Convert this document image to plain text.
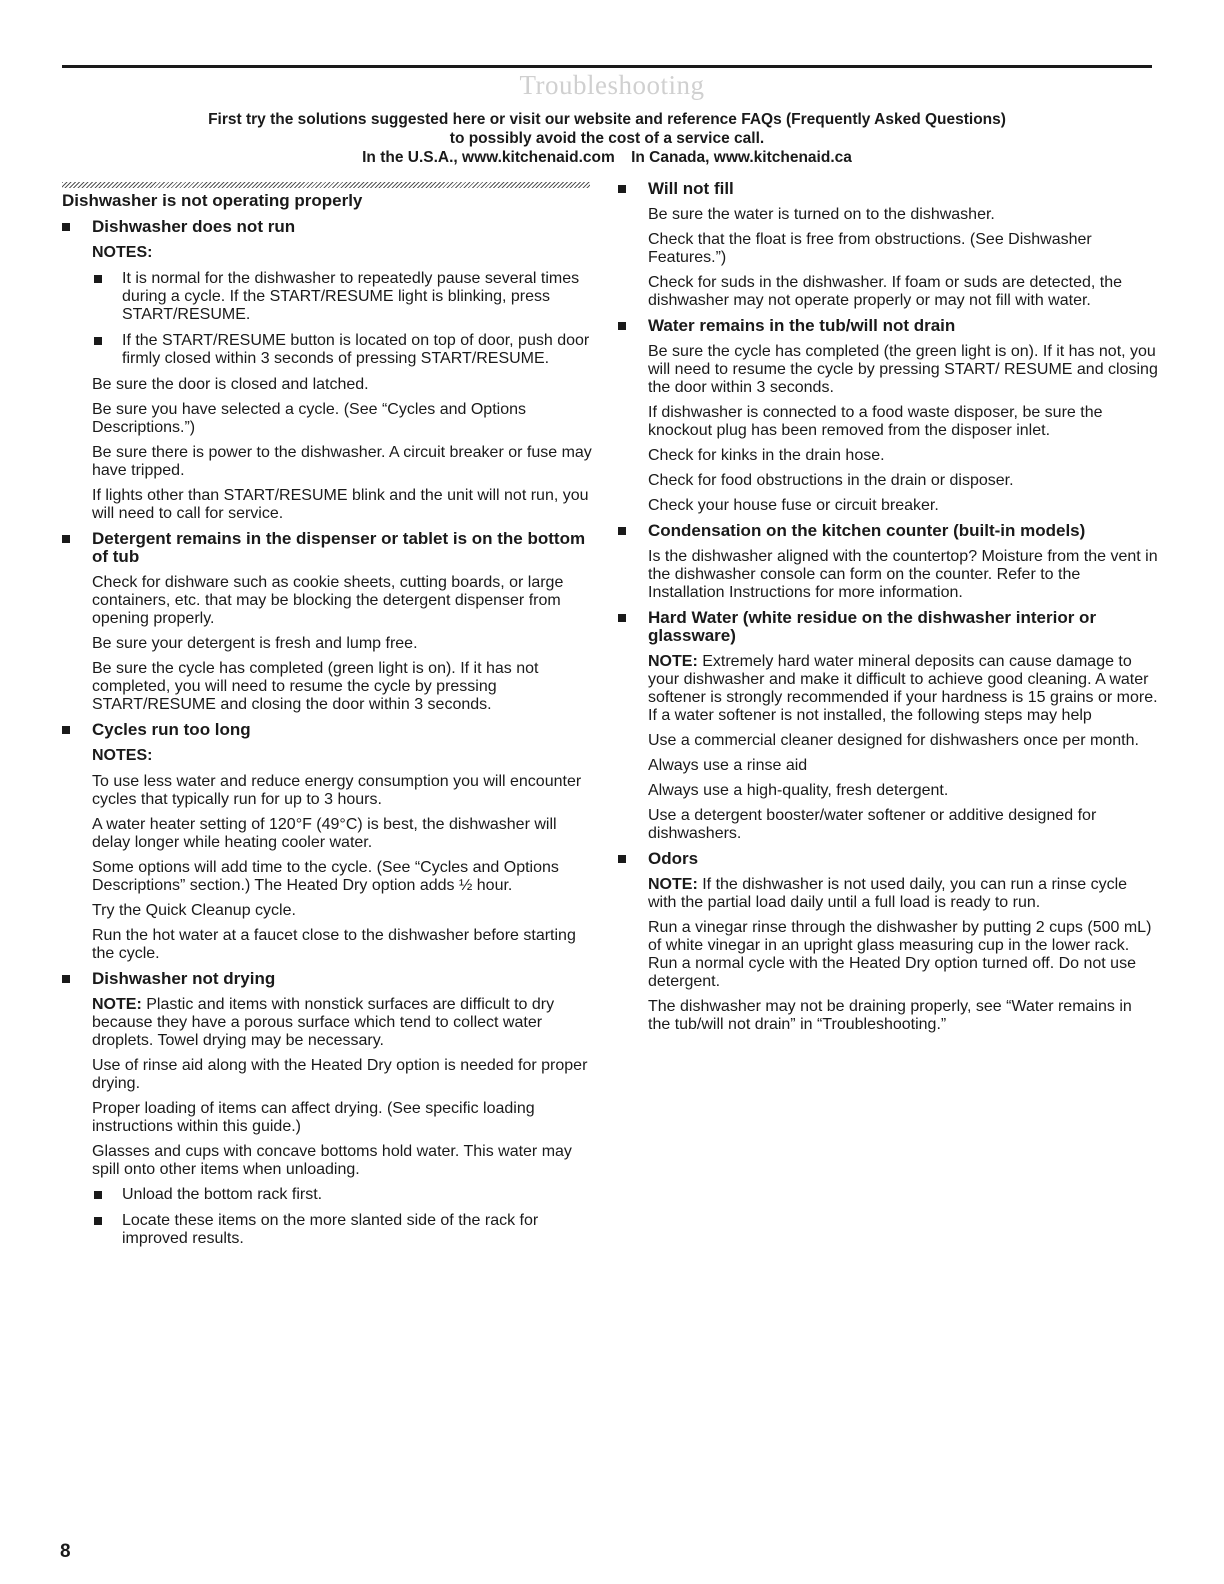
Troubleshooting
First try the solutions suggested here or visit our website and reference FAQs (Frequently Asked Questions)
to possibly avoid the cost of a service call.
In the U.S.A., www.kitchenaid.com In Canada, www.kitchenaid.ca
Dishwasher is not operating properly
Dishwasher does not run
NOTES:
It is normal for the dishwasher to repeatedly pause several times during a cycle. If the START/RESUME light is blinking, press START/RESUME.
If the START/RESUME button is located on top of door, push door firmly closed within 3 seconds of pressing START/RESUME.

Be sure the door is closed and latched.

Be sure you have selected a cycle. (See “Cycles and Options Descriptions.”)

Be sure there is power to the dishwasher. A circuit breaker or fuse may have tripped.

If lights other than START/RESUME blink and the unit will not run, you will need to call for service.

Detergent remains in the dispenser or tablet is on the bottom of tub

Check for dishware such as cookie sheets, cutting boards, or large containers, etc. that may be blocking the detergent dispenser from opening properly.

Be sure your detergent is fresh and lump free.

Be sure the cycle has completed (green light is on). If it has not completed, you will need to resume the cycle by pressing START/RESUME and closing the door within 3 seconds.

Cycles run too long
NOTES:

To use less water and reduce energy consumption you will encounter cycles that typically run for up to 3 hours.

A water heater setting of 120°F (49°C) is best, the dishwasher will delay longer while heating cooler water.

Some options will add time to the cycle. (See “Cycles and Options Descriptions” section.) The Heated Dry option adds ½ hour.

Try the Quick Cleanup cycle.

Run the hot water at a faucet close to the dishwasher before starting the cycle.

Dishwasher not drying

NOTE: Plastic and items with nonstick surfaces are difficult to dry because they have a porous surface which tend to collect water droplets. Towel drying may be necessary.

Use of rinse aid along with the Heated Dry option is needed for proper drying.

Proper loading of items can affect drying. (See specific loading instructions within this guide.)

Glasses and cups with concave bottoms hold water. This water may spill onto other items when unloading.

Unload the bottom rack first.
Locate these items on the more slanted side of the rack for improved results.
Will not fill

Be sure the water is turned on to the dishwasher.

Check that the float is free from obstructions. (See Dishwasher Features.”)

Check for suds in the dishwasher. If foam or suds are detected, the dishwasher may not operate properly or may not fill with water.

Water remains in the tub/will not drain

Be sure the cycle has completed (the green light is on). If it has not, you will need to resume the cycle by pressing START/ RESUME and closing the door within 3 seconds.

If dishwasher is connected to a food waste disposer, be sure the knockout plug has been removed from the disposer inlet.

Check for kinks in the drain hose.

Check for food obstructions in the drain or disposer.

Check your house fuse or circuit breaker.

Condensation on the kitchen counter (built-in models)

Is the dishwasher aligned with the countertop? Moisture from the vent in the dishwasher console can form on the counter. Refer to the Installation Instructions for more information.

Hard Water (white residue on the dishwasher interior or glassware)

NOTE: Extremely hard water mineral deposits can cause damage to your dishwasher and make it difficult to achieve good cleaning. A water softener is strongly recommended if your hardness is 15 grains or more. If a water softener is not installed, the following steps may help

Use a commercial cleaner designed for dishwashers once per month.

Always use a rinse aid

Always use a high-quality, fresh detergent.

Use a detergent booster/water softener or additive designed for dishwashers.

Odors

NOTE: If the dishwasher is not used daily, you can run a rinse cycle with the partial load daily until a full load is ready to run.

Run a vinegar rinse through the dishwasher by putting 2 cups (500 mL) of white vinegar in an upright glass measuring cup in the lower rack. Run a normal cycle with the Heated Dry option turned off. Do not use detergent.

The dishwasher may not be draining properly, see “Water remains in the tub/will not drain” in “Troubleshooting.”

8
